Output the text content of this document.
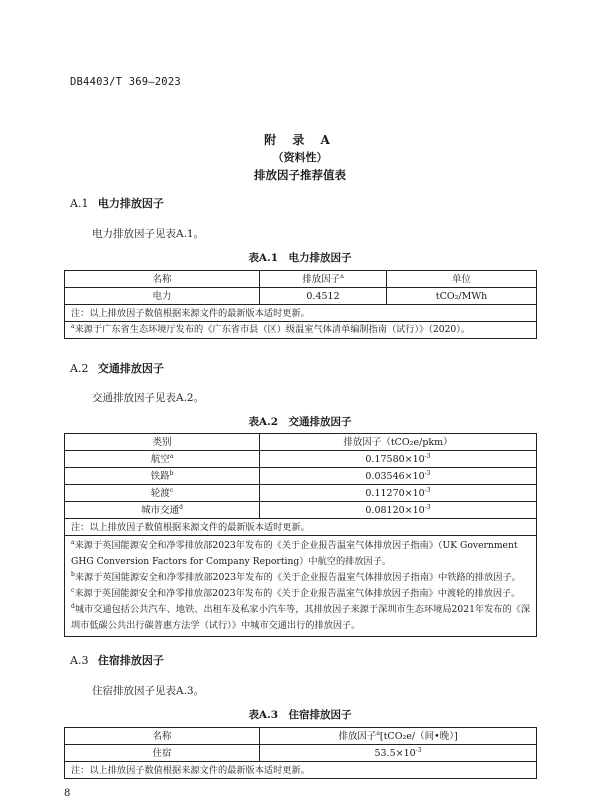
DB4403/T 369—2023
附 录 A
（资料性）
排放因子推荐值表
A.1 电力排放因子
电力排放因子见表A.1。
表A.1　电力排放因子
名称	排放因子$^a$	单位
电力	0.4512	tCO₂/MWh
注：以上排放因子数值根据来源文件的最新版本适时更新。		
$^a$来源于广东省生态环境厅发布的《广东省市县（区）级温室气体清单编制指南（试行）》（2020）。		
A.2 交通排放因子
交通排放因子见表A.2。
表A.2　交通排放因子
类别	排放因子（tCO₂e/pkm）
航空$^a$	$0.17580\times 10^{-3}$
铁路$^b$	$0.03546\times 10^{-3}$
轮渡$^c$	$0.11270\times 10^{-3}$
城市交通$^d$	$0.08120\times 10^{-3}$
注：以上排放因子数值根据来源文件的最新版本适时更新。	

$^a$来源于英国能源安全和净零排放部2023年发布的《关于企业报告温室气体排放因子指南》（UK Government GHG Conversion Factors for Company Reporting）中航空的排放因子。
$^b$来源于英国能源安全和净零排放部2023年发布的《关于企业报告温室气体排放因子指南》中铁路的排放因子。
$^c$来源于英国能源安全和净零排放部2023年发布的《关于企业报告温室气体排放因子指南》中渡轮的排放因子。
$^d$城市交通包括公共汽车、地铁、出租车及私家小汽车等，其排放因子来源于深圳市生态环境局2021年发布的《深圳市低碳公共出行碳普惠方法学（试行）》中城市交通出行的排放因子。	
A.3 住宿排放因子
住宿排放因子见表A.3。
表A.3　住宿排放因子
名称	排放因子$^a$[tCO₂e/（间•晚）]
住宿	$53.5\times 10^{-3}$
注：以上排放因子数值根据来源文件的最新版本适时更新。	
8
